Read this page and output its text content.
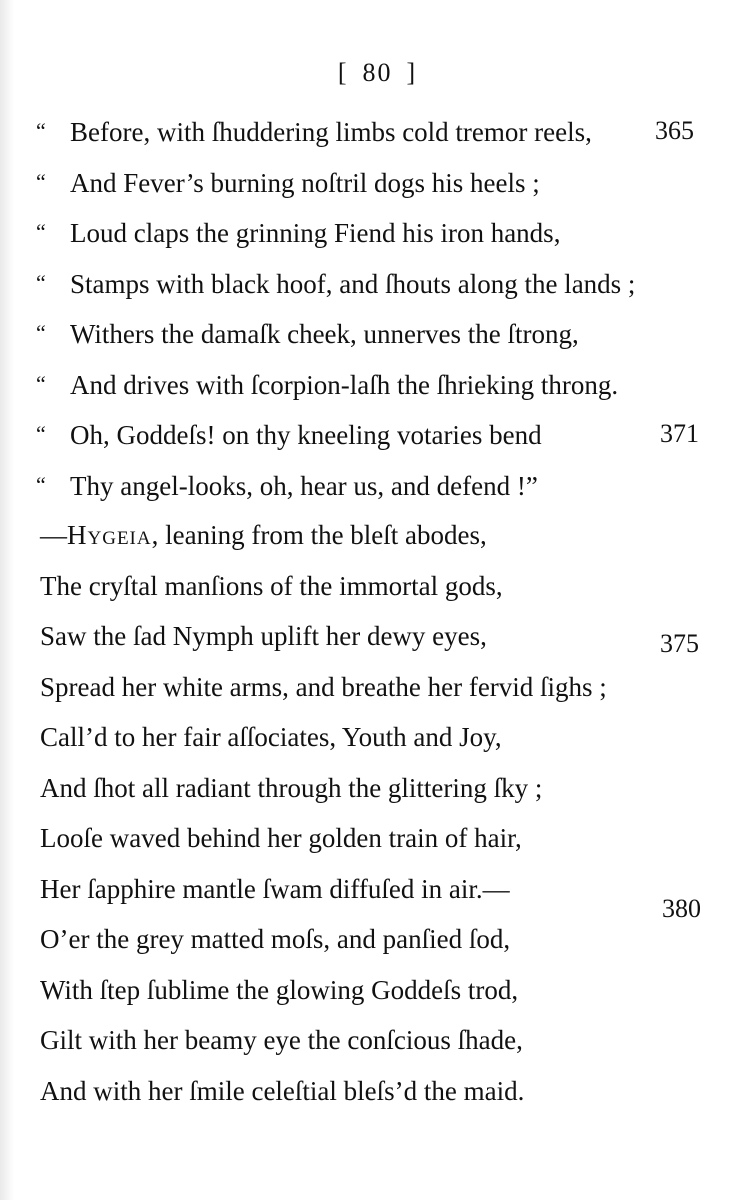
[ 80 ]
“ Before, with ſhuddering limbs cold tremor reels, 365
“ And Fever’s burning noſtril dogs his heels ;
“ Loud claps the grinning Fiend his iron hands,
“ Stamps with black hoof, and ſhouts along the lands ;
“ Withers the damaſk cheek, unnerves the ſtrong,
“ And drives with ſcorpion-laſh the ſhrieking throng.
“ Oh, Goddeſs! on thy kneeling votaries bend	371
“ Thy angel-looks, oh, hear us, and defend !”
—Hygeia, leaning from the bleſt abodes,
The cryſtal manſions of the immortal gods,
Saw the ſad Nymph uplift her dewy eyes,	375
Spread her white arms, and breathe her fervid ſighs ;
Call’d to her fair aſſociates, Youth and Joy,
And ſhot all radiant through the glittering ſky ;
Looſe waved behind her golden train of hair,
Her ſapphire mantle ſwam diffuſed in air.—
380
O’er the grey matted moſs, and panſied ſod,
With ſtep ſublime the glowing Goddeſs trod,
Gilt with her beamy eye the conſcious ſhade,
And with her ſmile celeſtial bleſs’d the maid.
